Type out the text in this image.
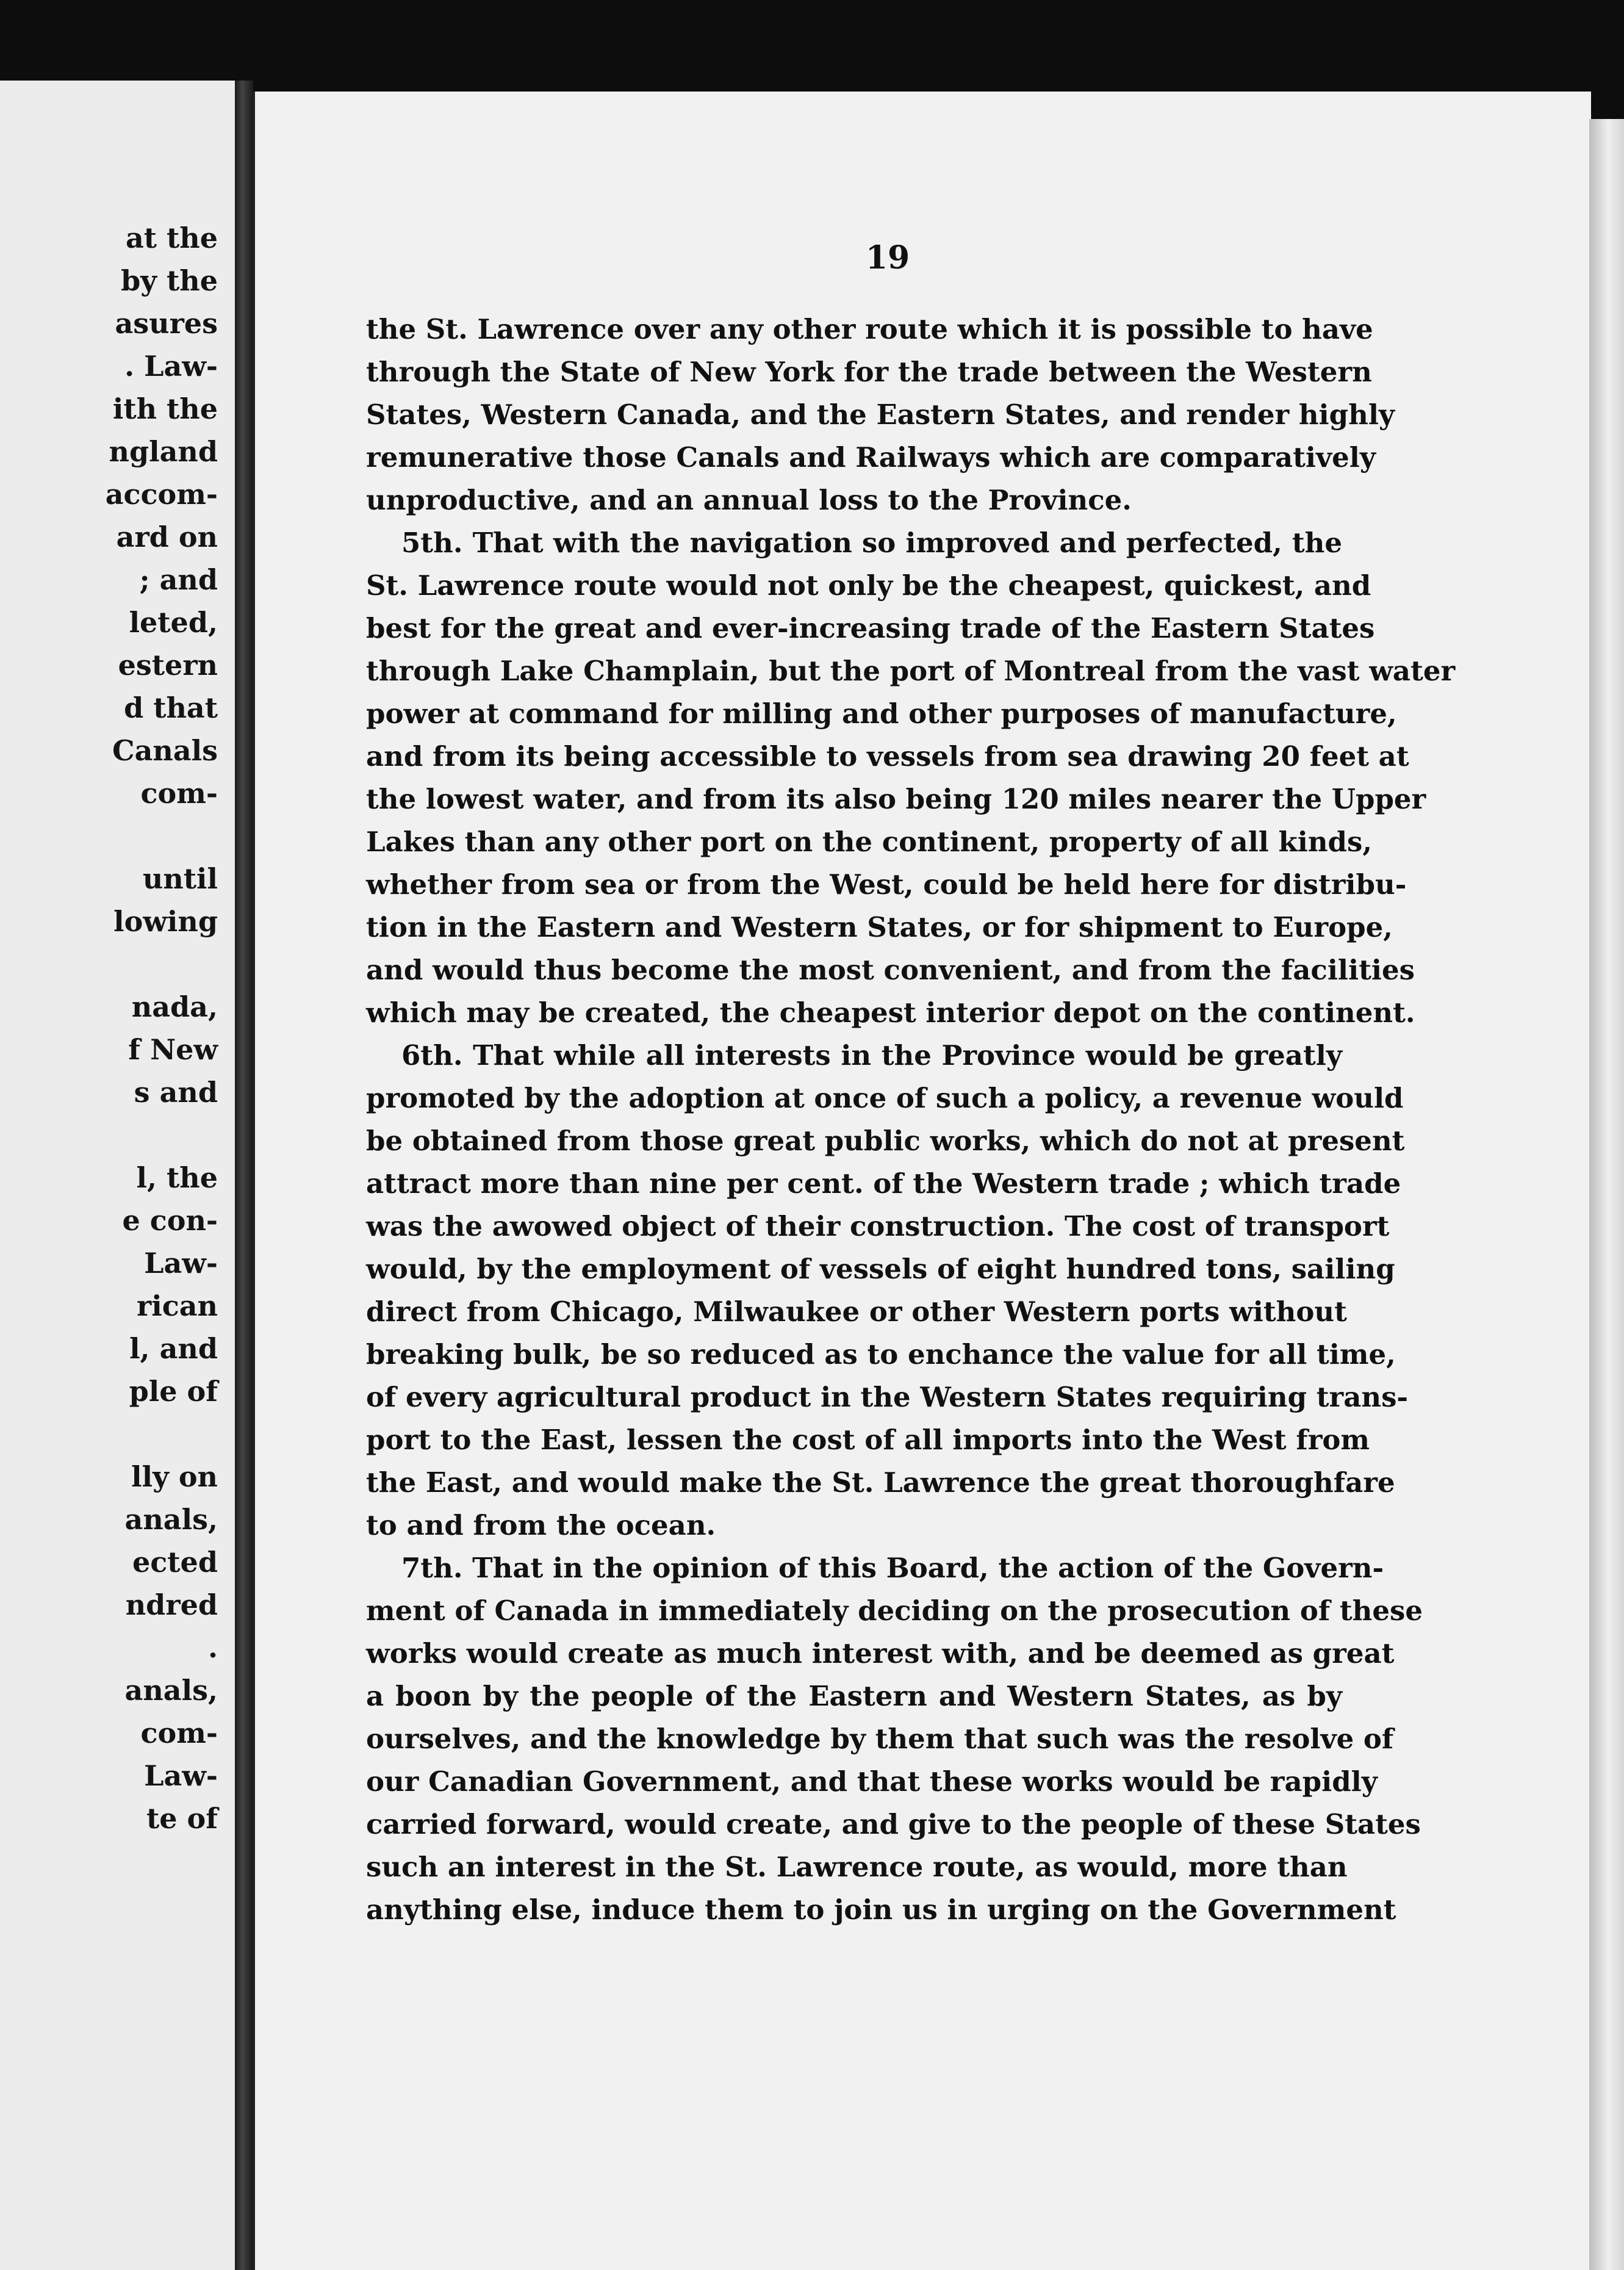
at the
by the
asures
. Law-
ith the
ngland
accom-
ard on
; and
leted,
estern
d that
Canals
com-
until
lowing
nada,
f New
s and
l, the
e con-
Law-
rican
l, and
ple of
lly on
anals,
ected
ndred
.
anals,
com-
Law-
te of
19
the St. Lawrence over any other route which it is possible to have
through the State of New York for the trade between the Western
States, Western Canada, and the Eastern States, and render highly
remunerative those Canals and Railways which are comparatively
unproductive, and an annual loss to the Province.
5th. That with the navigation so improved and perfected, the
St. Lawrence route would not only be the cheapest, quickest, and
best for the great and ever-increasing trade of the Eastern States
through Lake Champlain, but the port of Montreal from the vast water
power at command for milling and other purposes of manufacture,
and from its being accessible to vessels from sea drawing 20 feet at
the lowest water, and from its also being 120 miles nearer the Upper
Lakes than any other port on the continent, property of all kinds,
whether from sea or from the West, could be held here for distribu-
tion in the Eastern and Western States, or for shipment to Europe,
and would thus become the most convenient, and from the facilities
which may be created, the cheapest interior depot on the continent.
6th. That while all interests in the Province would be greatly
promoted by the adoption at once of such a policy, a revenue would
be obtained from those great public works, which do not at present
attract more than nine per cent. of the Western trade ; which trade
was the awowed object of their construction. The cost of transport
would, by the employment of vessels of eight hundred tons, sailing
direct from Chicago, Milwaukee or other Western ports without
breaking bulk, be so reduced as to enchance the value for all time,
of every agricultural product in the Western States requiring trans-
port to the East, lessen the cost of all imports into the West from
the East, and would make the St. Lawrence the great thoroughfare
to and from the ocean.
7th. That in the opinion of this Board, the action of the Govern-
ment of Canada in immediately deciding on the prosecution of these
works would create as much interest with, and be deemed as great
a boon by the people of the Eastern and Western States, as by
ourselves, and the knowledge by them that such was the resolve of
our Canadian Government, and that these works would be rapidly
carried forward, would create, and give to the people of these States
such an interest in the St. Lawrence route, as would, more than
anything else, induce them to join us in urging on the Government
